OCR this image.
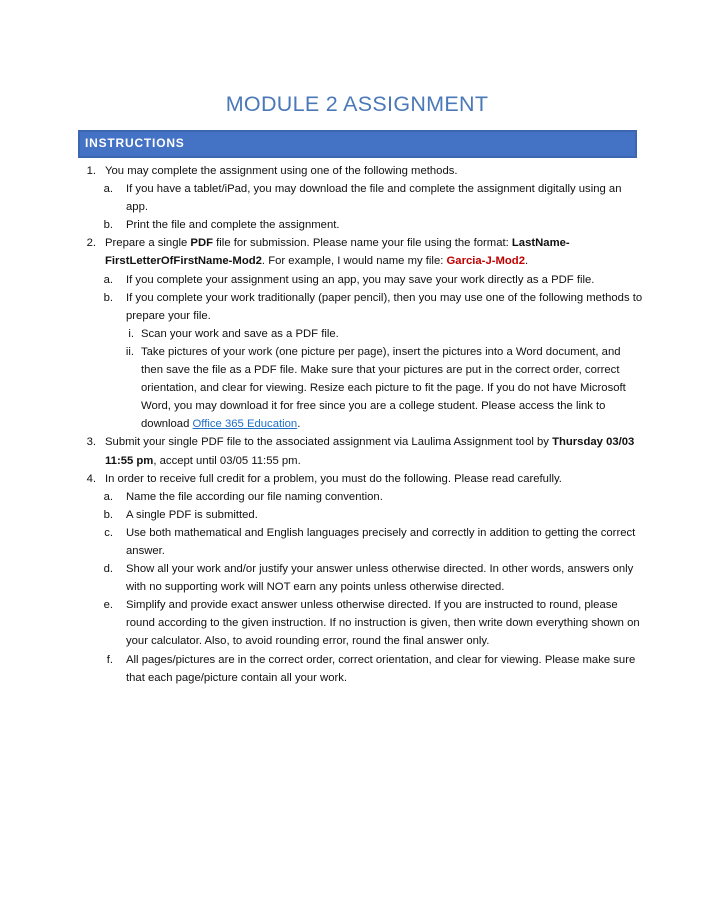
MODULE 2 ASSIGNMENT
INSTRUCTIONS
1. You may complete the assignment using one of the following methods.
a. If you have a tablet/iPad, you may download the file and complete the assignment digitally using an app.
b. Print the file and complete the assignment.
2. Prepare a single PDF file for submission. Please name your file using the format: LastName-FirstLetterOfFirstName-Mod2. For example, I would name my file: Garcia-J-Mod2.
a. If you complete your assignment using an app, you may save your work directly as a PDF file.
b. If you complete your work traditionally (paper pencil), then you may use one of the following methods to prepare your file.
i. Scan your work and save as a PDF file.
ii. Take pictures of your work (one picture per page), insert the pictures into a Word document, and then save the file as a PDF file. Make sure that your pictures are put in the correct order, correct orientation, and clear for viewing. Resize each picture to fit the page. If you do not have Microsoft Word, you may download it for free since you are a college student. Please access the link to download Office 365 Education.
3. Submit your single PDF file to the associated assignment via Laulima Assignment tool by Thursday 03/03 11:55 pm, accept until 03/05 11:55 pm.
4. In order to receive full credit for a problem, you must do the following. Please read carefully.
a. Name the file according our file naming convention.
b. A single PDF is submitted.
c. Use both mathematical and English languages precisely and correctly in addition to getting the correct answer.
d. Show all your work and/or justify your answer unless otherwise directed. In other words, answers only with no supporting work will NOT earn any points unless otherwise directed.
e. Simplify and provide exact answer unless otherwise directed. If you are instructed to round, please round according to the given instruction. If no instruction is given, then write down everything shown on your calculator. Also, to avoid rounding error, round the final answer only.
f. All pages/pictures are in the correct order, correct orientation, and clear for viewing. Please make sure that each page/picture contain all your work.
